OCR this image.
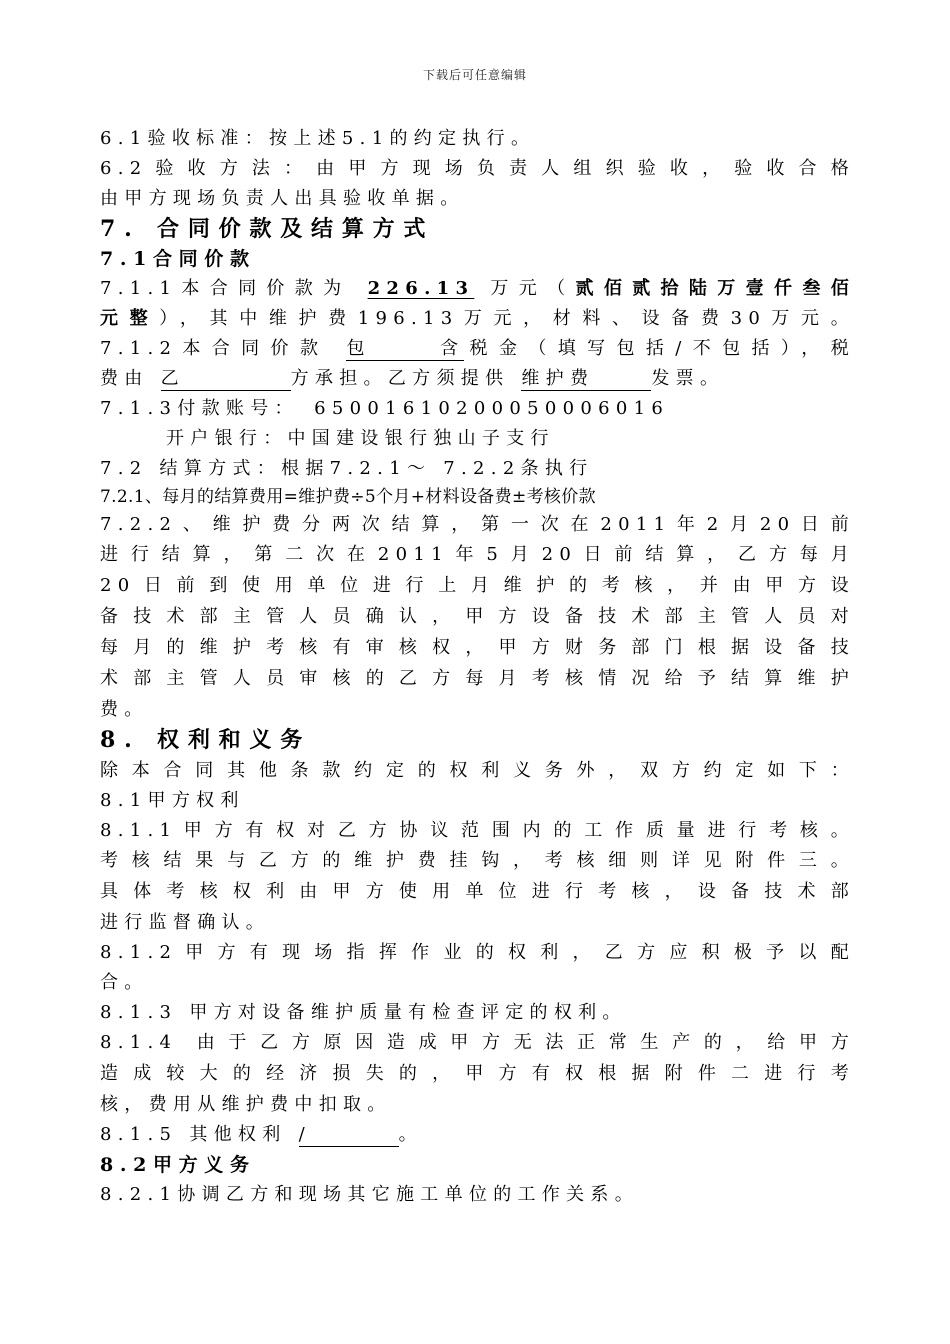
下载后可任意编辑
6.1验收标准：按上述5.1的约定执行。
6.2验收方法：由甲方现场负责人组织验收，验收合格
由甲方现场负责人出具验收单据。
7. 合同价款及结算方式
7.1合同价款
7.1.1本合同价款为 226.13 万元（贰佰贰拾陆万壹仟叁佰
元整），其中维护费196.13万元，材料、设备费30万元。
7.1.2本合同价款 包含税金（填写包括/不包括），税
费由 乙	方承担。乙方须提供 维护费	发票。
7.1.3付款账号：　65001610200050006016
开户银行：中国建设银行独山子支行
7.2 结算方式：根据7.2.1～ 7.2.2条执行
7.2.1、每月的结算费用=维护费÷5个月+材料设备费±考核价款
7.2.2、维护费分两次结算，第一次在2011年2月20日前
进行结算，第二次在2011年5月20日前结算，乙方每月
20日前到使用单位进行上月维护的考核，并由甲方设
备技术部主管人员确认，甲方设备技术部主管人员对
每月的维护考核有审核权，甲方财务部门根据设备技
术部主管人员审核的乙方每月考核情况给予结算维护
费。
8. 权利和义务
除本合同其他条款约定的权利义务外，双方约定如下：
8.1甲方权利
8.1.1甲方有权对乙方协议范围内的工作质量进行考核。
考核结果与乙方的维护费挂钩，考核细则详见附件三。
具体考核权利由甲方使用单位进行考核，设备技术部
进行监督确认。
8.1.2甲方有现场指挥作业的权利，乙方应积极予以配
合。
8.1.3 甲方对设备维护质量有检查评定的权利。
8.1.4 由于乙方原因造成甲方无法正常生产的，给甲方
造成较大的经济损失的，甲方有权根据附件二进行考
核，费用从维护费中扣取。
8.1.5 其他权利 /	。
8.2甲方义务
8.2.1协调乙方和现场其它施工单位的工作关系。
